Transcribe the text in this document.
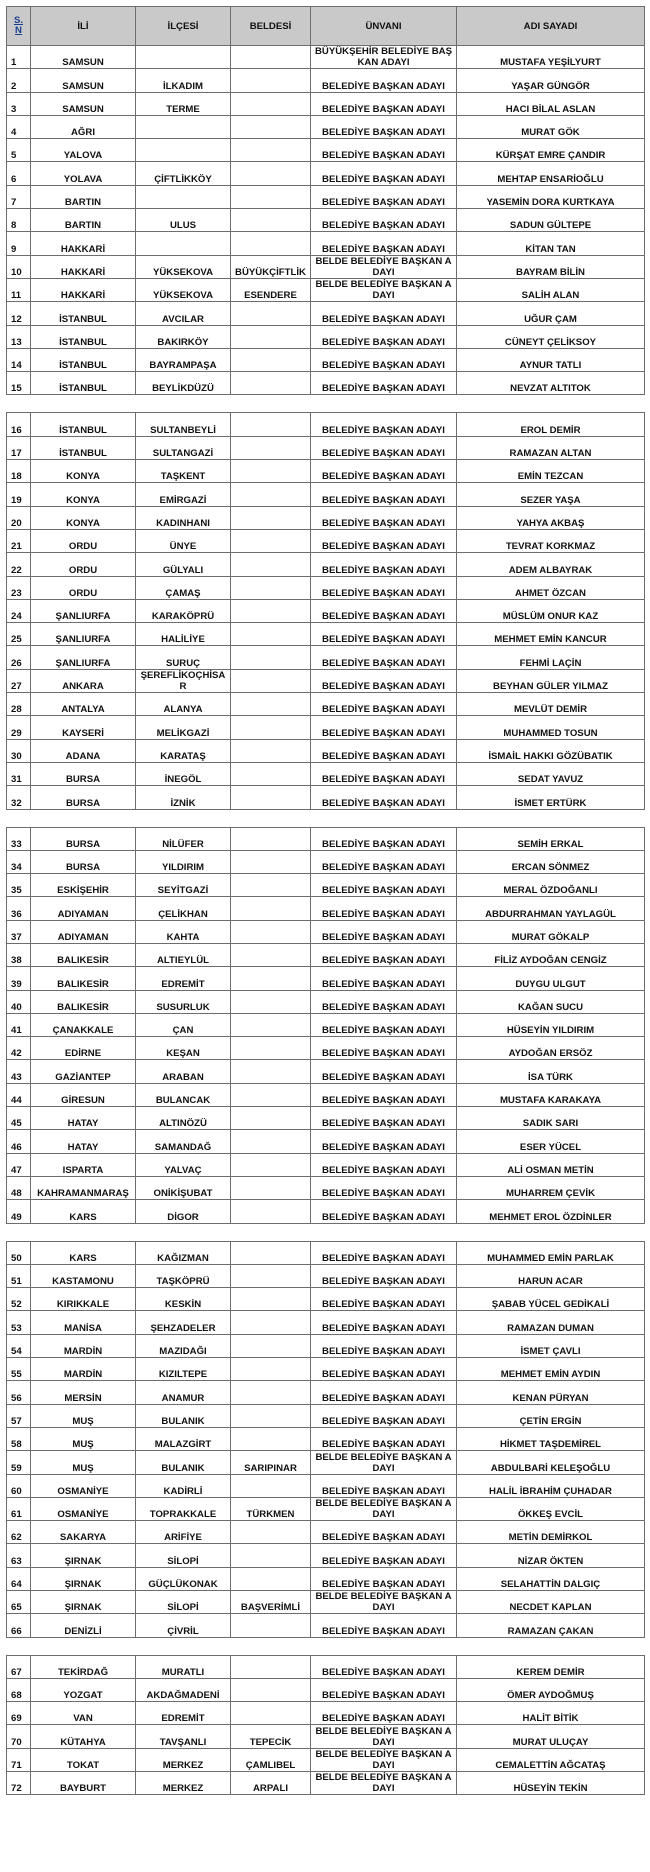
S.
N	İLİ	İLÇESİ	BELDESİ	ÜNVANI	ADI SAYADI
1	SAMSUN			BÜYÜKŞEHİR BELEDİYE BAŞKAN ADAYI	MUSTAFA YEŞİLYURT
2	SAMSUN	İLKADIM		BELEDİYE BAŞKAN ADAYI	YAŞAR GÜNGÖR
3	SAMSUN	TERME		BELEDİYE BAŞKAN ADAYI	HACI BİLAL ASLAN
4	AĞRI			BELEDİYE BAŞKAN ADAYI	MURAT GÖK
5	YALOVA			BELEDİYE BAŞKAN ADAYI	KÜRŞAT EMRE ÇANDIR
6	YOLAVA	ÇİFTLİKKÖY		BELEDİYE BAŞKAN ADAYI	MEHTAP ENSARİOĞLU
7	BARTIN			BELEDİYE BAŞKAN ADAYI	YASEMİN DORA KURTKAYA
8	BARTIN	ULUS		BELEDİYE BAŞKAN ADAYI	SADUN GÜLTEPE
9	HAKKARİ			BELEDİYE BAŞKAN ADAYI	KİTAN TAN
10	HAKKARİ	YÜKSEKOVA	BÜYÜKÇİFTLİK	BELDE BELEDİYE BAŞKAN ADAYI	BAYRAM BİLİN
11	HAKKARİ	YÜKSEKOVA	ESENDERE	BELDE BELEDİYE BAŞKAN ADAYI	SALİH ALAN
12	İSTANBUL	AVCILAR		BELEDİYE BAŞKAN ADAYI	UĞUR ÇAM
13	İSTANBUL	BAKIRKÖY		BELEDİYE BAŞKAN ADAYI	CÜNEYT ÇELİKSOY
14	İSTANBUL	BAYRAMPAŞA		BELEDİYE BAŞKAN ADAYI	AYNUR TATLI
15	İSTANBUL	BEYLİKDÜZÜ		BELEDİYE BAŞKAN ADAYI	NEVZAT ALTITOK

16	İSTANBUL	SULTANBEYLİ		BELEDİYE BAŞKAN ADAYI	EROL DEMİR
17	İSTANBUL	SULTANGAZİ		BELEDİYE BAŞKAN ADAYI	RAMAZAN ALTAN
18	KONYA	TAŞKENT		BELEDİYE BAŞKAN ADAYI	EMİN TEZCAN
19	KONYA	EMİRGAZİ		BELEDİYE BAŞKAN ADAYI	SEZER YAŞA
20	KONYA	KADINHANI		BELEDİYE BAŞKAN ADAYI	YAHYA AKBAŞ
21	ORDU	ÜNYE		BELEDİYE BAŞKAN ADAYI	TEVRAT KORKMAZ
22	ORDU	GÜLYALI		BELEDİYE BAŞKAN ADAYI	ADEM ALBAYRAK
23	ORDU	ÇAMAŞ		BELEDİYE BAŞKAN ADAYI	AHMET ÖZCAN
24	ŞANLIURFA	KARAKÖPRÜ		BELEDİYE BAŞKAN ADAYI	MÜSLÜM ONUR KAZ
25	ŞANLIURFA	HALİLİYE		BELEDİYE BAŞKAN ADAYI	MEHMET EMİN KANCUR
26	ŞANLIURFA	SURUÇ		BELEDİYE BAŞKAN ADAYI	FEHMİ LAÇİN
27	ANKARA	ŞEREFLİKOÇHİSAR		BELEDİYE BAŞKAN ADAYI	BEYHAN GÜLER YILMAZ
28	ANTALYA	ALANYA		BELEDİYE BAŞKAN ADAYI	MEVLÜT DEMİR
29	KAYSERİ	MELİKGAZİ		BELEDİYE BAŞKAN ADAYI	MUHAMMED TOSUN
30	ADANA	KARATAŞ		BELEDİYE BAŞKAN ADAYI	İSMAİL HAKKI GÖZÜBATIK
31	BURSA	İNEGÖL		BELEDİYE BAŞKAN ADAYI	SEDAT YAVUZ
32	BURSA	İZNİK		BELEDİYE BAŞKAN ADAYI	İSMET ERTÜRK

33	BURSA	NİLÜFER		BELEDİYE BAŞKAN ADAYI	SEMİH ERKAL
34	BURSA	YILDIRIM		BELEDİYE BAŞKAN ADAYI	ERCAN SÖNMEZ
35	ESKİŞEHİR	SEYİTGAZİ		BELEDİYE BAŞKAN ADAYI	MERAL ÖZDOĞANLI
36	ADIYAMAN	ÇELİKHAN		BELEDİYE BAŞKAN ADAYI	ABDURRAHMAN YAYLAGÜL
37	ADIYAMAN	KAHTA		BELEDİYE BAŞKAN ADAYI	MURAT GÖKALP
38	BALIKESİR	ALTIEYLÜL		BELEDİYE BAŞKAN ADAYI	FİLİZ AYDOĞAN CENGİZ
39	BALIKESİR	EDREMİT		BELEDİYE BAŞKAN ADAYI	DUYGU ULGUT
40	BALIKESİR	SUSURLUK		BELEDİYE BAŞKAN ADAYI	KAĞAN SUCU
41	ÇANAKKALE	ÇAN		BELEDİYE BAŞKAN ADAYI	HÜSEYİN YILDIRIM
42	EDİRNE	KEŞAN		BELEDİYE BAŞKAN ADAYI	AYDOĞAN ERSÖZ
43	GAZİANTEP	ARABAN		BELEDİYE BAŞKAN ADAYI	İSA TÜRK
44	GİRESUN	BULANCAK		BELEDİYE BAŞKAN ADAYI	MUSTAFA KARAKAYA
45	HATAY	ALTINÖZÜ		BELEDİYE BAŞKAN ADAYI	SADIK SARI
46	HATAY	SAMANDAĞ		BELEDİYE BAŞKAN ADAYI	ESER YÜCEL
47	ISPARTA	YALVAÇ		BELEDİYE BAŞKAN ADAYI	ALİ OSMAN METİN
48	KAHRAMANMARAŞ	ONİKİŞUBAT		BELEDİYE BAŞKAN ADAYI	MUHARREM ÇEVİK
49	KARS	DİGOR		BELEDİYE BAŞKAN ADAYI	MEHMET EROL ÖZDİNLER

50	KARS	KAĞIZMAN		BELEDİYE BAŞKAN ADAYI	MUHAMMED EMİN PARLAK
51	KASTAMONU	TAŞKÖPRÜ		BELEDİYE BAŞKAN ADAYI	HARUN ACAR
52	KIRIKKALE	KESKİN		BELEDİYE BAŞKAN ADAYI	ŞABAB YÜCEL GEDİKALİ
53	MANİSA	ŞEHZADELER		BELEDİYE BAŞKAN ADAYI	RAMAZAN DUMAN
54	MARDİN	MAZIDAĞI		BELEDİYE BAŞKAN ADAYI	İSMET ÇAVLI
55	MARDİN	KIZILTEPE		BELEDİYE BAŞKAN ADAYI	MEHMET EMİN AYDIN
56	MERSİN	ANAMUR		BELEDİYE BAŞKAN ADAYI	KENAN PÜRYAN
57	MUŞ	BULANIK		BELEDİYE BAŞKAN ADAYI	ÇETİN ERGİN
58	MUŞ	MALAZGİRT		BELEDİYE BAŞKAN ADAYI	HİKMET TAŞDEMİREL
59	MUŞ	BULANIK	SARIPINAR	BELDE BELEDİYE BAŞKAN ADAYI	ABDULBARİ KELEŞOĞLU
60	OSMANİYE	KADİRLİ		BELEDİYE BAŞKAN ADAYI	HALİL İBRAHİM ÇUHADAR
61	OSMANİYE	TOPRAKKALE	TÜRKMEN	BELDE BELEDİYE BAŞKAN ADAYI	ÖKKEŞ EVCİL
62	SAKARYA	ARİFİYE		BELEDİYE BAŞKAN ADAYI	METİN DEMİRKOL
63	ŞIRNAK	SİLOPİ		BELEDİYE BAŞKAN ADAYI	NİZAR ÖKTEN
64	ŞIRNAK	GÜÇLÜKONAK		BELEDİYE BAŞKAN ADAYI	SELAHATTİN DALGIÇ
65	ŞIRNAK	SİLOPİ	BAŞVERİMLİ	BELDE BELEDİYE BAŞKAN ADAYI	NECDET KAPLAN
66	DENİZLİ	ÇİVRİL		BELEDİYE BAŞKAN ADAYI	RAMAZAN ÇAKAN

67	TEKİRDAĞ	MURATLI		BELEDİYE BAŞKAN ADAYI	KEREM DEMİR
68	YOZGAT	AKDAĞMADENİ		BELEDİYE BAŞKAN ADAYI	ÖMER AYDOĞMUŞ
69	VAN	EDREMİT		BELEDİYE BAŞKAN ADAYI	HALİT BİTİK
70	KÜTAHYA	TAVŞANLI	TEPECİK	BELDE BELEDİYE BAŞKAN ADAYI	MURAT ULUÇAY
71	TOKAT	MERKEZ	ÇAMLIBEL	BELDE BELEDİYE BAŞKAN ADAYI	CEMALETTİN AĞCATAŞ
72	BAYBURT	MERKEZ	ARPALI	BELDE BELEDİYE BAŞKAN ADAYI	HÜSEYİN TEKİN
